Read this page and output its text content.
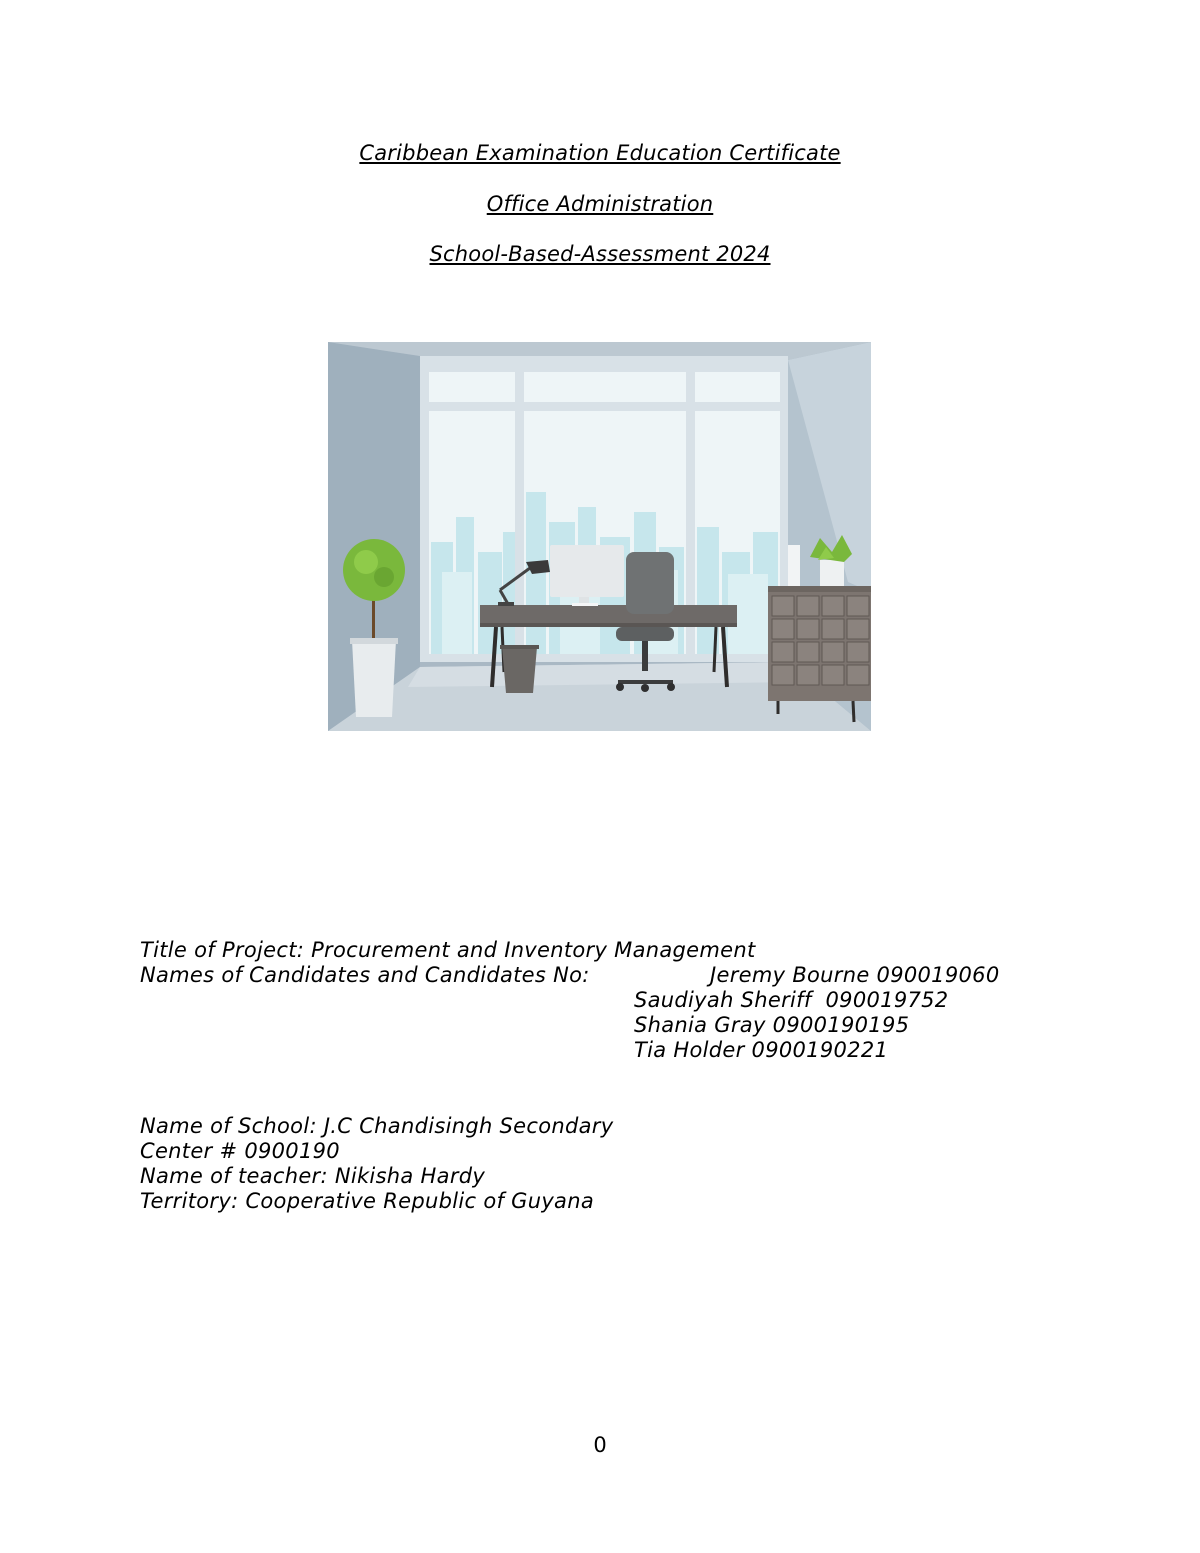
Caribbean Examination Education Certificate
Office Administration
School-Based-Assessment 2024
Title of Project: Procurement and Inventory Management
Names of Candidates and Candidates No:	Jeremy Bourne 090019060
Saudiyah Sheriff  090019752
Shania Gray 0900190195
Tia Holder 0900190221
Name of School: J.C Chandisingh Secondary
Center # 0900190
Name of teacher: Nikisha Hardy
Territory: Cooperative Republic of Guyana
0
